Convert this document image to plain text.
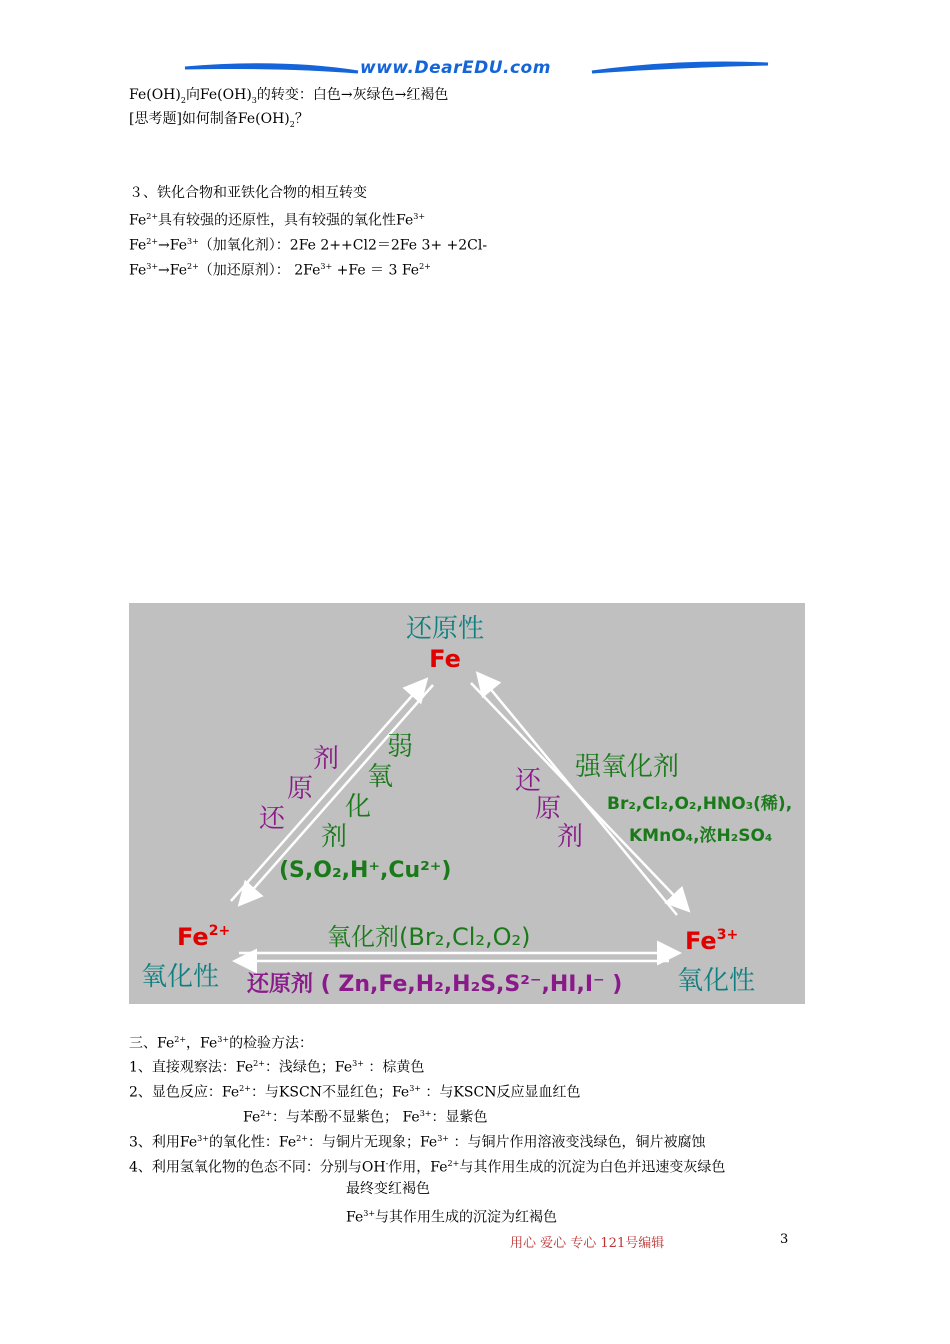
www.DearEDU.com
$Fe(OH)_2$向$Fe(OH)_3$的转变：白色→灰绿色→红褐色
[思考题]如何制备$Fe(OH)_2$？
３、铁化合物和亚铁化合物的相互转变
$Fe^{2+}$具有较强的还原性，具有较强的氧化性$Fe^{3+}$
$Fe^{2+}\to Fe^{3+}$（加氧化剂）：2Fe 2++Cl2＝2Fe 3+ +2Cl-
$Fe^{3+}\to Fe^{2+}$（加还原剂）： $2Fe^{3+} +Fe = 3$ $Fe^{2+}$
还原性
Fe
$Fe^{2+}$
氧化性
$Fe^{3+}$
氧化性
剂
原
还
弱
氧
化
剂
(S,O₂,H⁺,Cu²⁺)
还
原
剂
强氧化剂
Br₂,Cl₂,O₂,HNO₃(稀),
KMnO₄,浓H₂SO₄
氧化剂(Br₂,Cl₂,O₂)
还原剂 ( Zn,Fe,H₂,H₂S,S²⁻,HI,I⁻ )
三、$Fe^{2+}$，$Fe^{3+}$的检验方法：
1、直接观察法：$Fe^{2+}$：浅绿色；$Fe^{3+}$ ：棕黄色
2、显色反应：$Fe^{2+}$：与KSCN不显红色；$Fe^{3+}$ ：与KSCN反应显血红色
$Fe^{2+}$：与苯酚不显紫色； $Fe^{3+}$：显紫色
3、利用$Fe^{3+}$的氧化性：$Fe^{2+}$：与铜片无现象；$Fe^{3+}$ ：与铜片作用溶液变浅绿色，铜片被腐蚀
4、利用氢氧化物的色态不同：分别与OH-作用，$Fe^{2+}$与其作用生成的沉淀为白色并迅速变灰绿色
最终变红褐色
$Fe^{3+}$与其作用生成的沉淀为红褐色
用心 爱心 专心 121号编辑	3
